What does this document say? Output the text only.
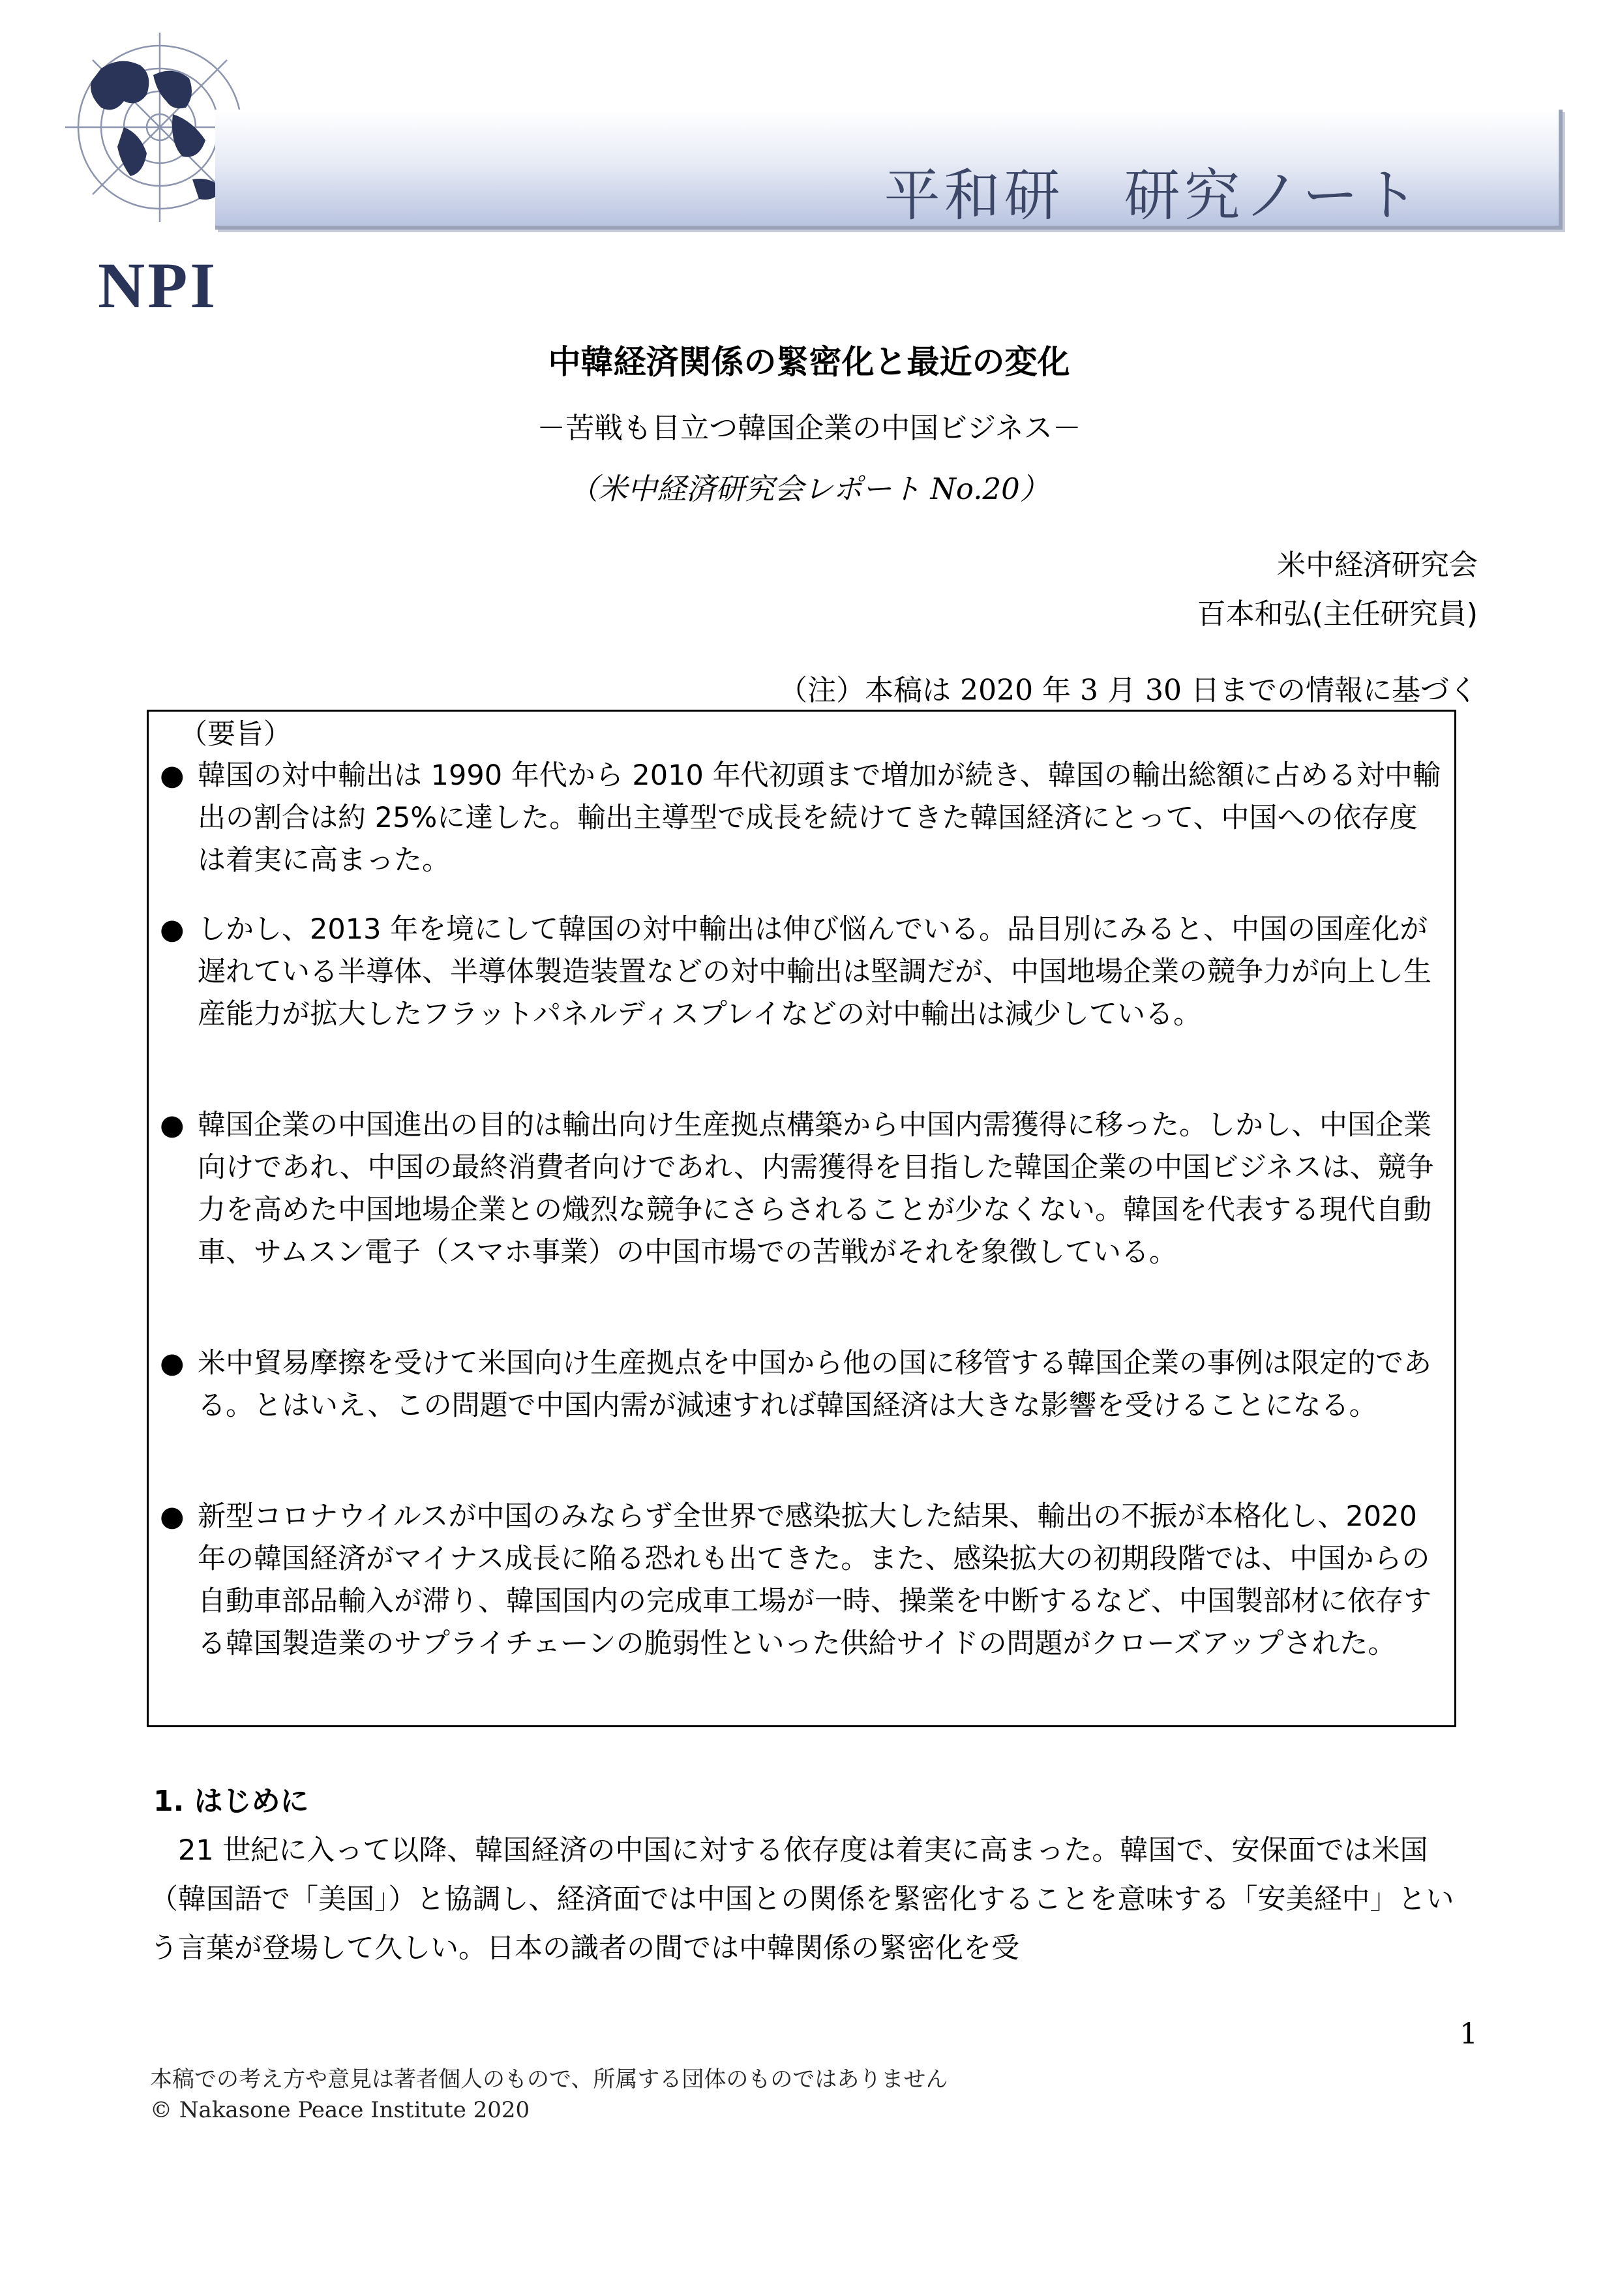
NPI
平和研　研究ノート
中韓経済関係の緊密化と最近の変化
－苦戦も目立つ韓国企業の中国ビジネス－
（米中経済研究会レポート No.20）
米中経済研究会
百本和弘(主任研究員)
（注）本稿は 2020 年 3 月 30 日までの情報に基づく
（要旨）
● 韓国の対中輸出は 1990 年代から 2010 年代初頭まで増加が続き、韓国の輸出総額に占める対中輸出の割合は約 25%に達した。輸出主導型で成長を続けてきた韓国経済にとって、中国への依存度は着実に高まった。
● しかし、2013 年を境にして韓国の対中輸出は伸び悩んでいる。品目別にみると、中国の国産化が遅れている半導体、半導体製造装置などの対中輸出は堅調だが、中国地場企業の競争力が向上し生産能力が拡大したフラットパネルディスプレイなどの対中輸出は減少している。
● 韓国企業の中国進出の目的は輸出向け生産拠点構築から中国内需獲得に移った。しかし、中国企業向けであれ、中国の最終消費者向けであれ、内需獲得を目指した韓国企業の中国ビジネスは、競争力を高めた中国地場企業との熾烈な競争にさらされることが少なくない。韓国を代表する現代自動車、サムスン電子（スマホ事業）の中国市場での苦戦がそれを象徴している。
● 米中貿易摩擦を受けて米国向け生産拠点を中国から他の国に移管する韓国企業の事例は限定的である。とはいえ、この問題で中国内需が減速すれば韓国経済は大きな影響を受けることになる。
● 新型コロナウイルスが中国のみならず全世界で感染拡大した結果、輸出の不振が本格化し、2020 年の韓国経済がマイナス成長に陥る恐れも出てきた。また、感染拡大の初期段階では、中国からの自動車部品輸入が滞り、韓国国内の完成車工場が一時、操業を中断するなど、中国製部材に依存する韓国製造業のサプライチェーンの脆弱性といった供給サイドの問題がクローズアップされた。
1. はじめに
21 世紀に入って以降、韓国経済の中国に対する依存度は着実に高まった。韓国で、安保面では米国（韓国語で「美国」）と協調し、経済面では中国との関係を緊密化することを意味する「安美経中」という言葉が登場して久しい。日本の識者の間では中韓関係の緊密化を受
1
本稿での考え方や意見は著者個人のもので、所属する団体のものではありません
© Nakasone Peace Institute 2020
